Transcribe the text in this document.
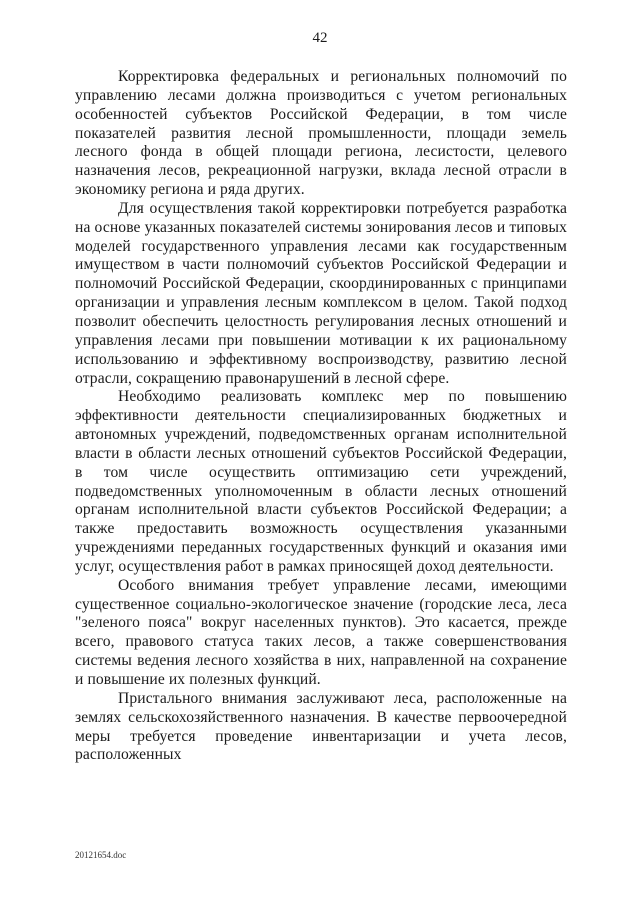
42

Корректировка федеральных и региональных полномочий по управлению лесами должна производиться с учетом региональных особенностей субъектов Российской Федерации, в том числе показателей развития лесной промышленности, площади земель лесного фонда в общей площади региона, лесистости, целевого назначения лесов, рекреационной нагрузки, вклада лесной отрасли в экономику региона и ряда других.

Для осуществления такой корректировки потребуется разработка на основе указанных показателей системы зонирования лесов и типовых моделей государственного управления лесами как государственным имуществом в части полномочий субъектов Российской Федерации и полномочий Российской Федерации, скоординированных с принципами организации и управления лесным комплексом в целом. Такой подход позволит обеспечить целостность регулирования лесных отношений и управления лесами при повышении мотивации к их рациональному использованию и эффективному воспроизводству, развитию лесной отрасли, сокращению правонарушений в лесной сфере.

Необходимо реализовать комплекс мер по повышению эффективности деятельности специализированных бюджетных и автономных учреждений, подведомственных органам исполнительной власти в области лесных отношений субъектов Российской Федерации, в том числе осуществить оптимизацию сети учреждений, подведомственных уполномоченным в области лесных отношений органам исполнительной власти субъектов Российской Федерации; а также предоставить возможность осуществления указанными учреждениями переданных государственных функций и оказания ими услуг, осуществления работ в рамках приносящей доход деятельности.

Особого внимания требует управление лесами, имеющими существенное социально-экологическое значение (городские леса, леса "зеленого пояса" вокруг населенных пунктов). Это касается, прежде всего, правового статуса таких лесов, а также совершенствования системы ведения лесного хозяйства в них, направленной на сохранение и повышение их полезных функций.

Пристального внимания заслуживают леса, расположенные на землях сельскохозяйственного назначения. В качестве первоочередной меры требуется проведение инвентаризации и учета лесов, расположенных

20121654.doc
